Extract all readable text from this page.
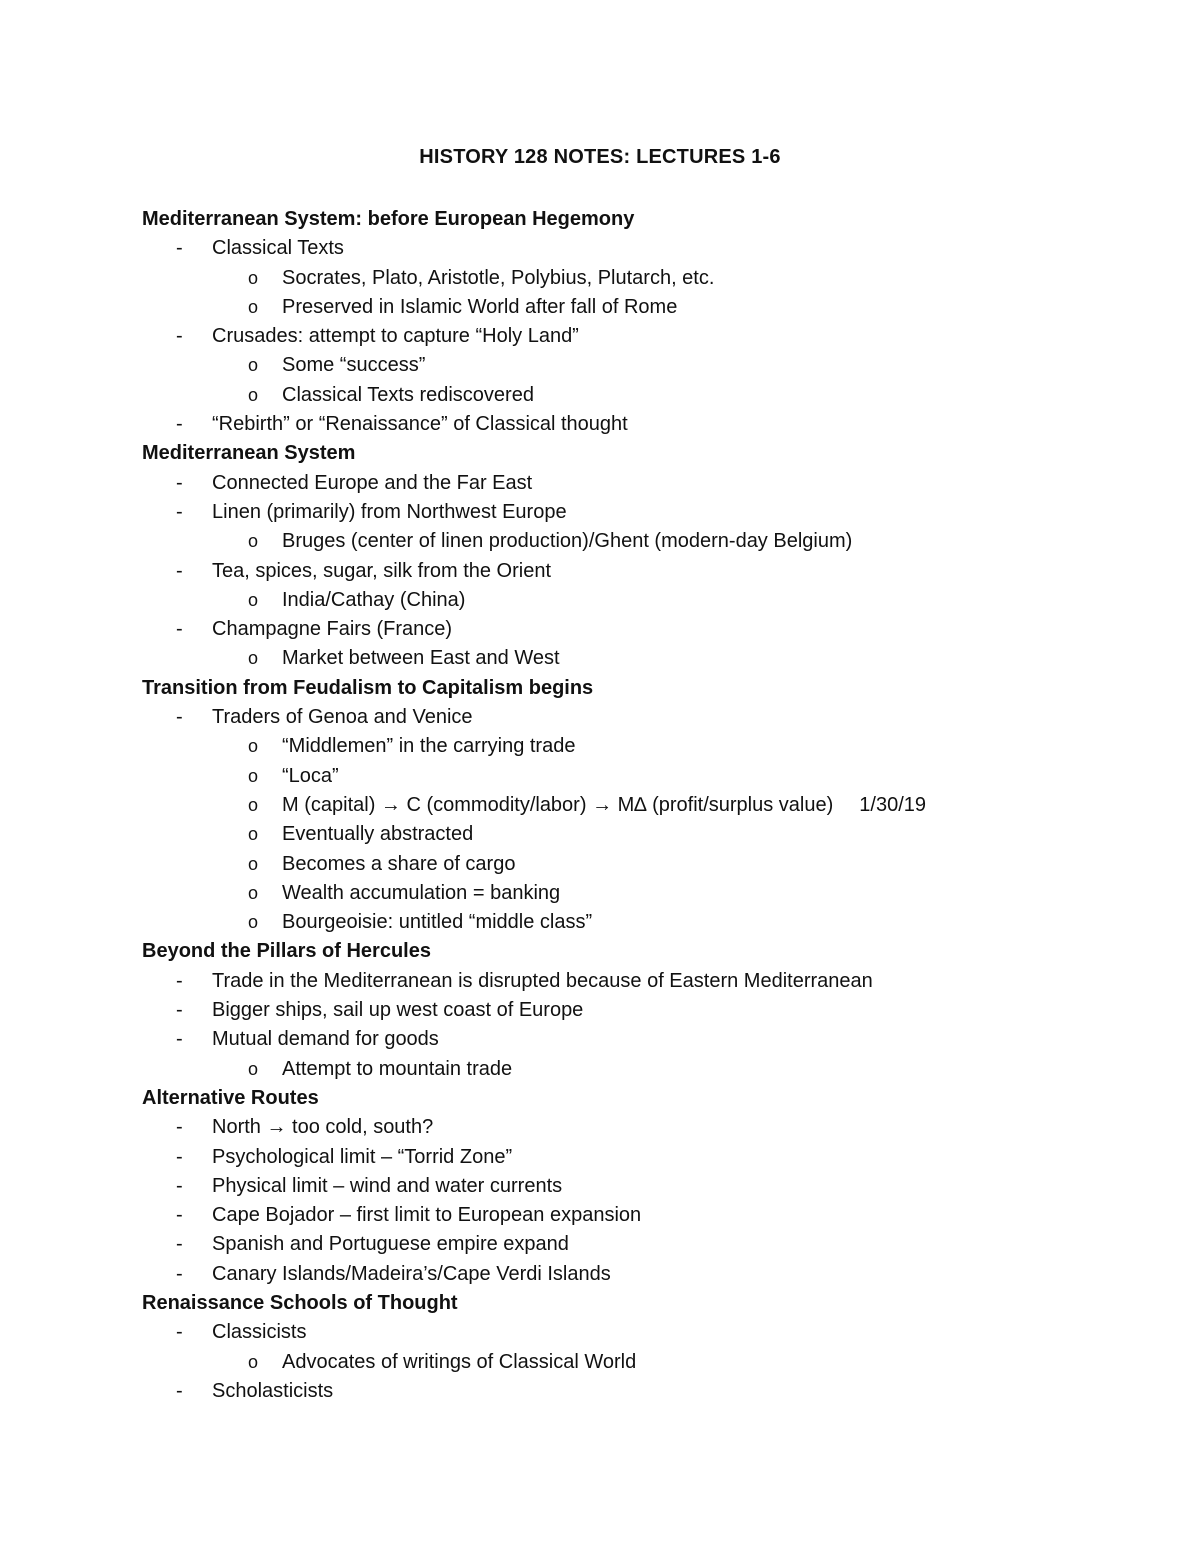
HISTORY 128 NOTES: LECTURES 1-6
Mediterranean System: before European Hegemony
- Classical Texts
o Socrates, Plato, Aristotle, Polybius, Plutarch, etc.
o Preserved in Islamic World after fall of Rome
- Crusades: attempt to capture “Holy Land”
o Some “success”
o Classical Texts rediscovered
- “Rebirth” or “Renaissance” of Classical thought
Mediterranean System
- Connected Europe and the Far East
- Linen (primarily) from Northwest Europe
o Bruges (center of linen production)/Ghent (modern-day Belgium)
- Tea, spices, sugar, silk from the Orient
o India/Cathay (China)
- Champagne Fairs (France)
o Market between East and West
Transition from Feudalism to Capitalism begins
- Traders of Genoa and Venice
o “Middlemen” in the carrying trade
o “Loca”
o M (capital) → C (commodity/labor) → M∆ (profit/surplus value) 1/30/19
o Eventually abstracted
o Becomes a share of cargo
o Wealth accumulation = banking
o Bourgeoisie: untitled “middle class”
Beyond the Pillars of Hercules
- Trade in the Mediterranean is disrupted because of Eastern Mediterranean
- Bigger ships, sail up west coast of Europe
- Mutual demand for goods
o Attempt to mountain trade
Alternative Routes
- North → too cold, south?
- Psychological limit – “Torrid Zone”
- Physical limit – wind and water currents
- Cape Bojador – first limit to European expansion
- Spanish and Portuguese empire expand
- Canary Islands/Madeira’s/Cape Verdi Islands
Renaissance Schools of Thought
- Classicists
o Advocates of writings of Classical World
- Scholasticists
